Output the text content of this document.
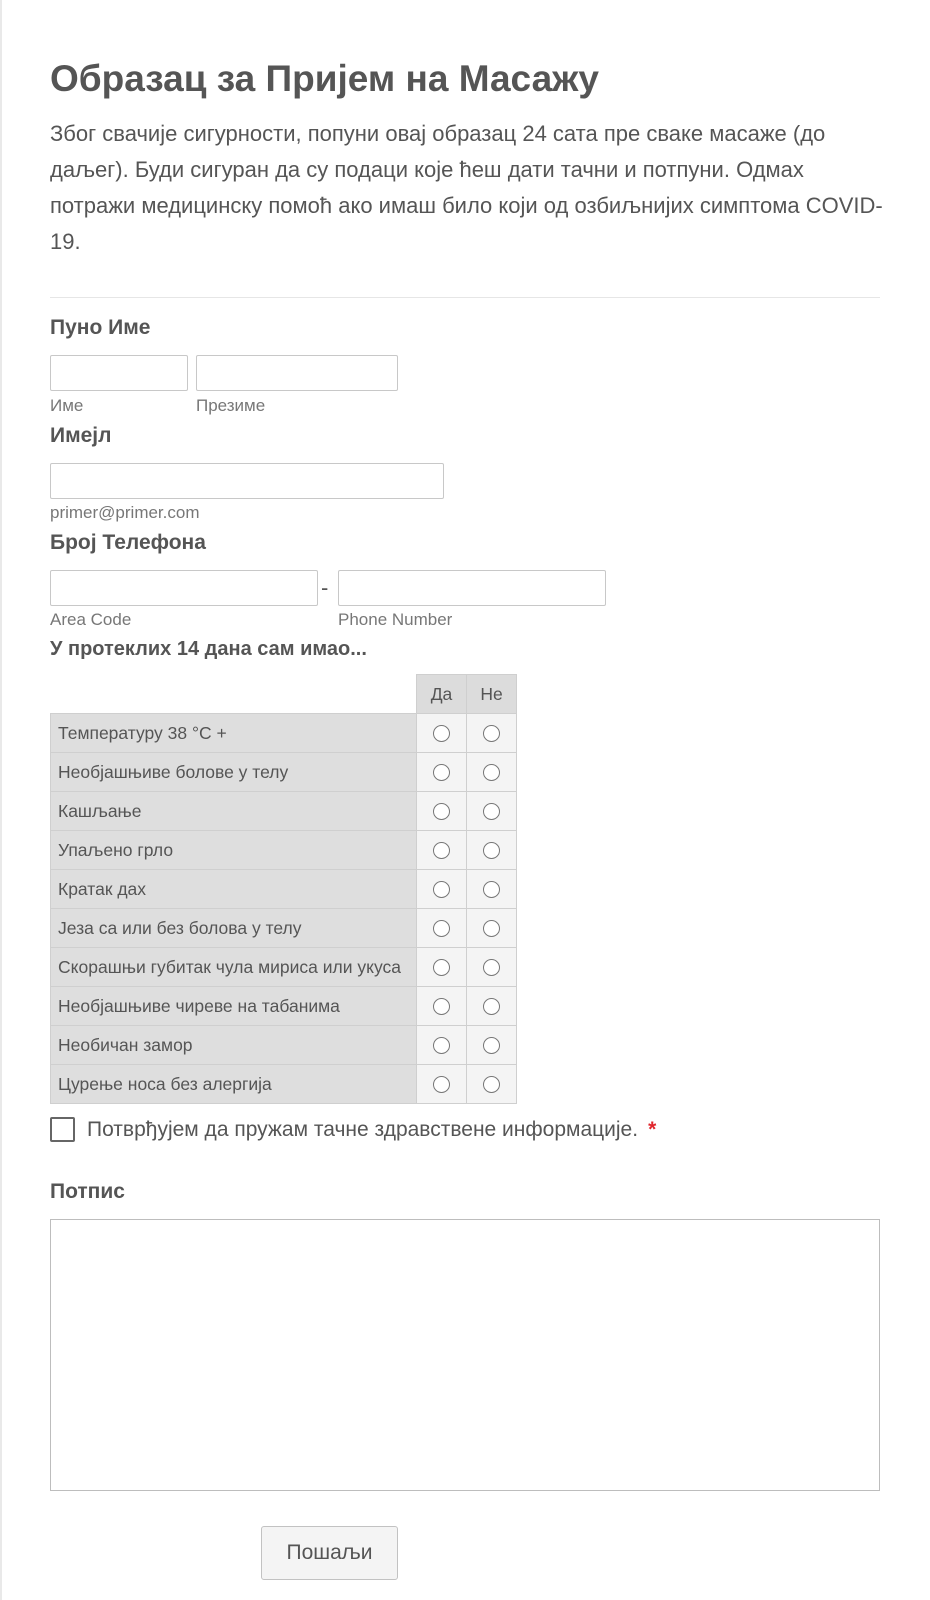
Образац за Пријем на Масажу

Због свачије сигурности, попуни овај образац 24 сата пре сваке масаже (до даљег). Буди сигуран да су подаци које ћеш дати тачни и потпуни. Одмах потражи медицинску помоћ ако имаш било који од озбиљнијих симптома COVID-19.

Пуно Име
Име	Презиме
Имејл
primer@primer.com
Број Телефона
-
Area Code	Phone Number
У протеклих 14 дана сам имао...
	Да	Не
Температуру 38 °C +		
Необјашњиве болове у телу		
Кашљање		
Упаљено грло		
Кратак дах		
Језа са или без болова у телу		
Скорашњи губитак чула мириса или укуса		
Необјашњиве чиреве на табанима		
Необичан замор		
Цурење носа без алергија		
Потврђујем да пружам тачне здравствене информације. *
Потпис
Пошаљи
